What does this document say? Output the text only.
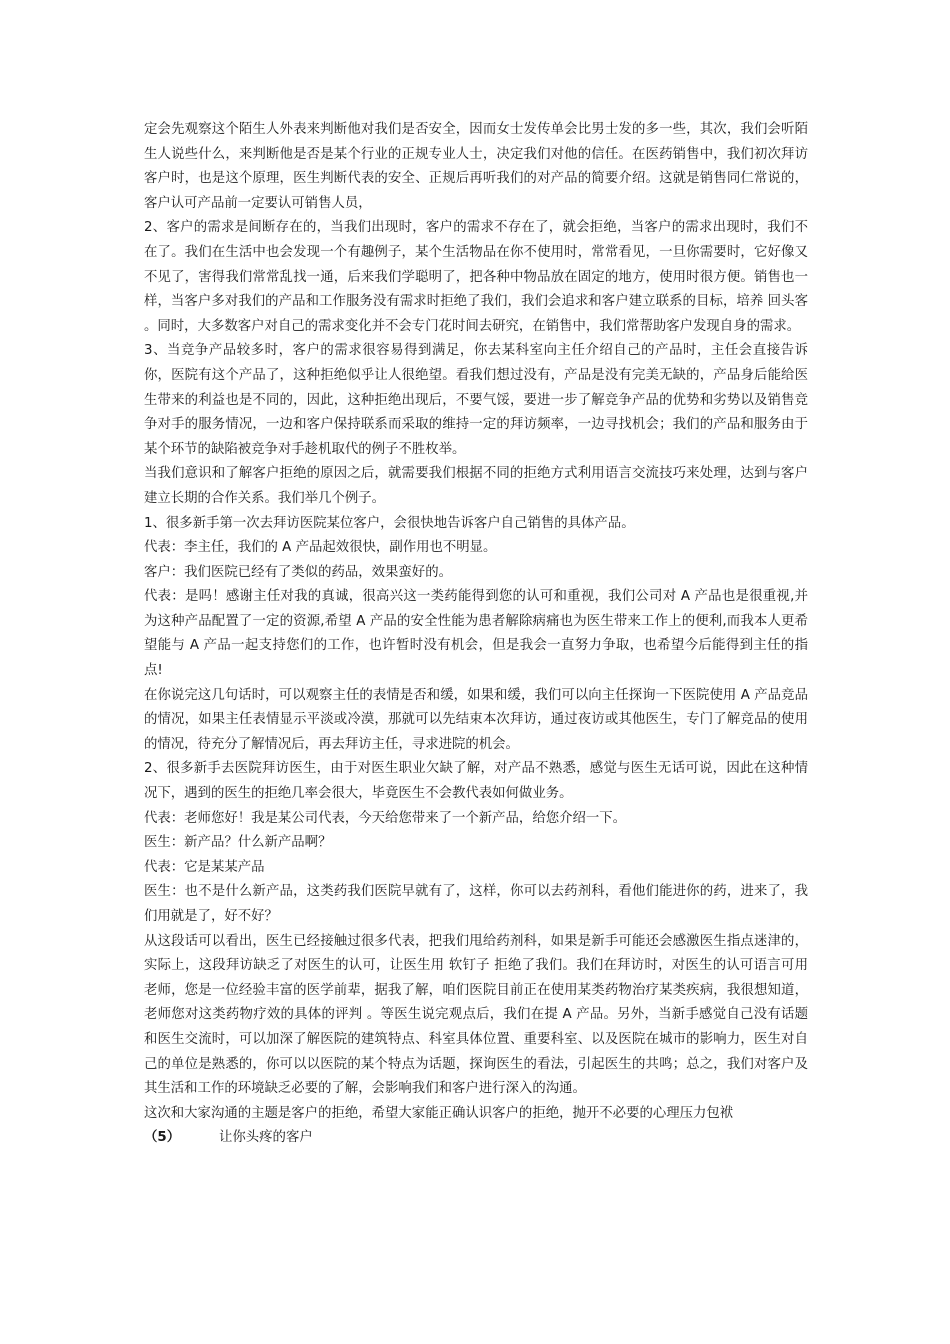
定会先观察这个陌生人外表来判断他对我们是否安全，因而女士发传单会比男士发的多一些，其次，我们会听陌生人说些什么，来判断他是否是某个行业的正规专业人士，决定我们对他的信任。在医药销售中，我们初次拜访客户时，也是这个原理，医生判断代表的安全、正规后再听我们的对产品的简要介绍。这就是销售同仁常说的，客户认可产品前一定要认可销售人员，

2、客户的需求是间断存在的，当我们出现时，客户的需求不存在了，就会拒绝，当客户的需求出现时，我们不在了。我们在生活中也会发现一个有趣例子，某个生活物品在你不使用时，常常看见，一旦你需要时，它好像又不见了，害得我们常常乱找一通，后来我们学聪明了，把各种中物品放在固定的地方，使用时很方便。销售也一样，当客户多对我们的产品和工作服务没有需求时拒绝了我们，我们会追求和客户建立联系的目标，培养 回头客 。同时，大多数客户对自己的需求变化并不会专门花时间去研究，在销售中，我们常帮助客户发现自身的需求。

3、当竞争产品较多时，客户的需求很容易得到满足，你去某科室向主任介绍自己的产品时，主任会直接告诉你，医院有这个产品了，这种拒绝似乎让人很绝望。看我们想过没有，产品是没有完美无缺的，产品身后能给医生带来的利益也是不同的，因此，这种拒绝出现后，不要气馁，要进一步了解竞争产品的优势和劣势以及销售竞争对手的服务情况，一边和客户保持联系而采取的维持一定的拜访频率，一边寻找机会；我们的产品和服务由于某个环节的缺陷被竞争对手趁机取代的例子不胜枚举。

当我们意识和了解客户拒绝的原因之后，就需要我们根据不同的拒绝方式利用语言交流技巧来处理，达到与客户建立长期的合作关系。我们举几个例子。

1、很多新手第一次去拜访医院某位客户，会很快地告诉客户自己销售的具体产品。

代表：李主任，我们的 A 产品起效很快，副作用也不明显。

客户：我们医院已经有了类似的药品，效果蛮好的。

代表：是吗！感谢主任对我的真诚，很高兴这一类药能得到您的认可和重视，我们公司对 A 产品也是很重视,并为这种产品配置了一定的资源,希望 A 产品的安全性能为患者解除病痛也为医生带来工作上的便利,而我本人更希望能与 A 产品一起支持您们的工作，也许暂时没有机会，但是我会一直努力争取，也希望今后能得到主任的指点!

在你说完这几句话时，可以观察主任的表情是否和缓，如果和缓，我们可以向主任探询一下医院使用 A 产品竞品的情况，如果主任表情显示平淡或冷漠，那就可以先结束本次拜访，通过夜访或其他医生，专门了解竞品的使用的情况，待充分了解情况后，再去拜访主任，寻求进院的机会。

2、很多新手去医院拜访医生，由于对医生职业欠缺了解，对产品不熟悉，感觉与医生无话可说，因此在这种情况下，遇到的医生的拒绝几率会很大，毕竟医生不会教代表如何做业务。

代表：老师您好！我是某公司代表，今天给您带来了一个新产品，给您介绍一下。

医生：新产品？什么新产品啊？

代表：它是某某产品

医生：也不是什么新产品，这类药我们医院早就有了，这样，你可以去药剂科，看他们能进你的药，进来了，我们用就是了，好不好？

从这段话可以看出，医生已经接触过很多代表，把我们甩给药剂科，如果是新手可能还会感激医生指点迷津的，实际上，这段拜访缺乏了对医生的认可，让医生用 软钉子 拒绝了我们。我们在拜访时，对医生的认可语言可用 老师，您是一位经验丰富的医学前辈，据我了解，咱们医院目前正在使用某类药物治疗某类疾病，我很想知道，老师您对这类药物疗效的具体的评判 。等医生说完观点后，我们在提 A 产品。另外，当新手感觉自己没有话题和医生交流时，可以加深了解医院的建筑特点、科室具体位置、重要科室、以及医院在城市的影响力，医生对自己的单位是熟悉的，你可以以医院的某个特点为话题，探询医生的看法，引起医生的共鸣；总之，我们对客户及其生活和工作的环境缺乏必要的了解，会影响我们和客户进行深入的沟通。

这次和大家沟通的主题是客户的拒绝，希望大家能正确认识客户的拒绝，抛开不必要的心理压力包袱

（5）	让你头疼的客户
